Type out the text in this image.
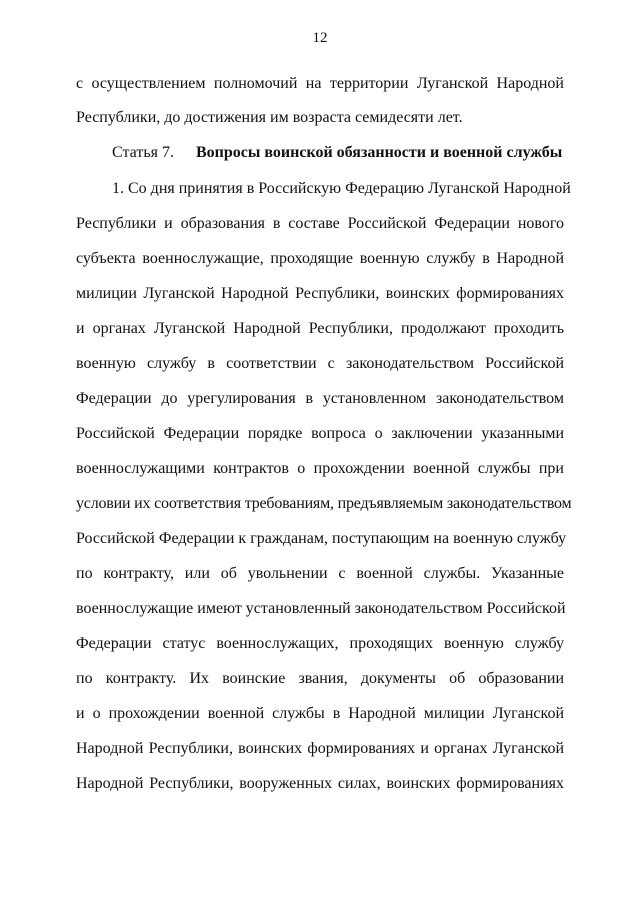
12
с осуществлением полномочий на территории Луганской Народной
Республики, до достижения им возраста семидесяти лет.
Статья 7. Вопросы воинской обязанности и военной службы
1. Со дня принятия в Российскую Федерацию Луганской Народной
Республики и образования в составе Российской Федерации нового
субъекта военнослужащие, проходящие военную службу в Народной
милиции Луганской Народной Республики, воинских формированиях
и органах Луганской Народной Республики, продолжают проходить
военную службу в соответствии с законодательством Российской
Федерации до урегулирования в установленном законодательством
Российской Федерации порядке вопроса о заключении указанными
военнослужащими контрактов о прохождении военной службы при
условии их соответствия требованиям, предъявляемым законодательством
Российской Федерации к гражданам, поступающим на военную службу
по контракту, или об увольнении с военной службы. Указанные
военнослужащие имеют установленный законодательством Российской
Федерации статус военнослужащих, проходящих военную службу
по контракту. Их воинские звания, документы об образовании
и о прохождении военной службы в Народной милиции Луганской
Народной Республики, воинских формированиях и органах Луганской
Народной Республики, вооруженных силах, воинских формированиях
